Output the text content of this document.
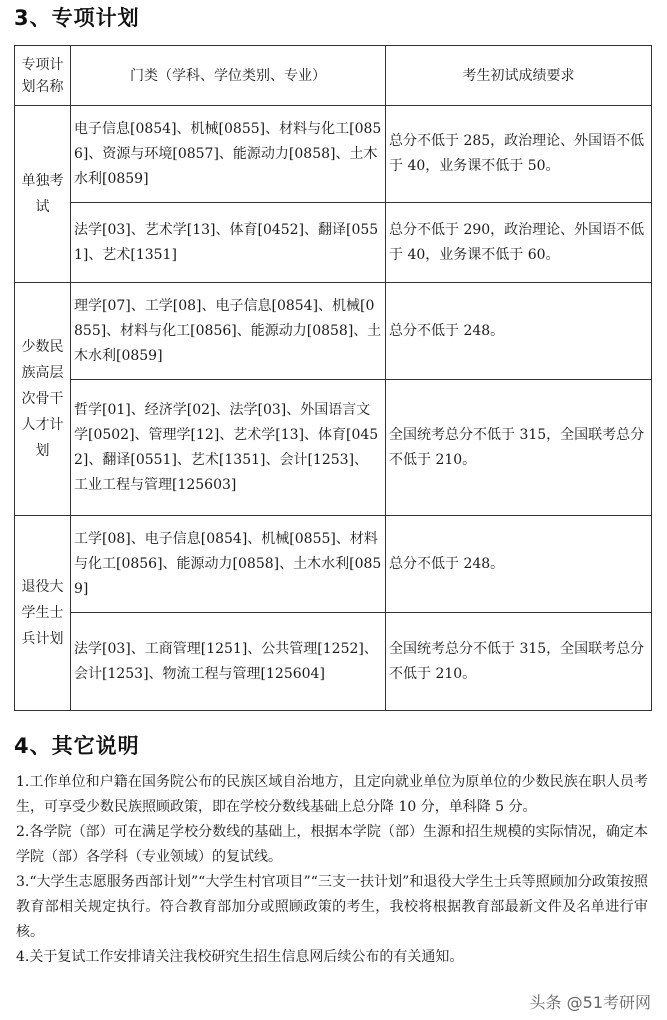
3、专项计划
专项计划名称	门类（学科、学位类别、专业）	考生初试成绩要求
单独考试	电子信息[0854]、机械[0855]、材料与化工[0856]、资源与环境[0857]、能源动力[0858]、土木水利[0859]	总分不低于 285，政治理论、外国语不低于 40，业务课不低于 50。
	法学[03]、艺术学[13]、体育[0452]、翻译[0551]、艺术[1351]	总分不低于 290，政治理论、外国语不低于 40，业务课不低于 60。
少数民族高层次骨干人才计划	理学[07]、工学[08]、电子信息[0854]、机械[0855]、材料与化工[0856]、能源动力[0858]、土木水利[0859]	总分不低于 248。
	哲学[01]、经济学[02]、法学[03]、外国语言文学[0502]、管理学[12]、艺术学[13]、体育[0452]、翻译[0551]、艺术[1351]、会计[1253]、工业工程与管理[125603]	全国统考总分不低于 315，全国联考总分不低于 210。
退役大学生士兵计划	工学[08]、电子信息[0854]、机械[0855]、材料与化工[0856]、能源动力[0858]、土木水利[0859]	总分不低于 248。
	法学[03]、工商管理[1251]、公共管理[1252]、会计[1253]、物流工程与管理[125604]	全国统考总分不低于 315，全国联考总分不低于 210。
4、其它说明

1.工作单位和户籍在国务院公布的民族区域自治地方，且定向就业单位为原单位的少数民族在职人员考生，可享受少数民族照顾政策，即在学校分数线基础上总分降 10 分，单科降 5 分。

2.各学院（部）可在满足学校分数线的基础上，根据本学院（部）生源和招生规模的实际情况，确定本学院（部）各学科（专业领域）的复试线。

3.“大学生志愿服务西部计划”“大学生村官项目”“三支一扶计划”和退役大学生士兵等照顾加分政策按照教育部相关规定执行。符合教育部加分或照顾政策的考生，我校将根据教育部最新文件及名单进行审核。

4.关于复试工作安排请关注我校研究生招生信息网后续公布的有关通知。

头条 @51考研网
